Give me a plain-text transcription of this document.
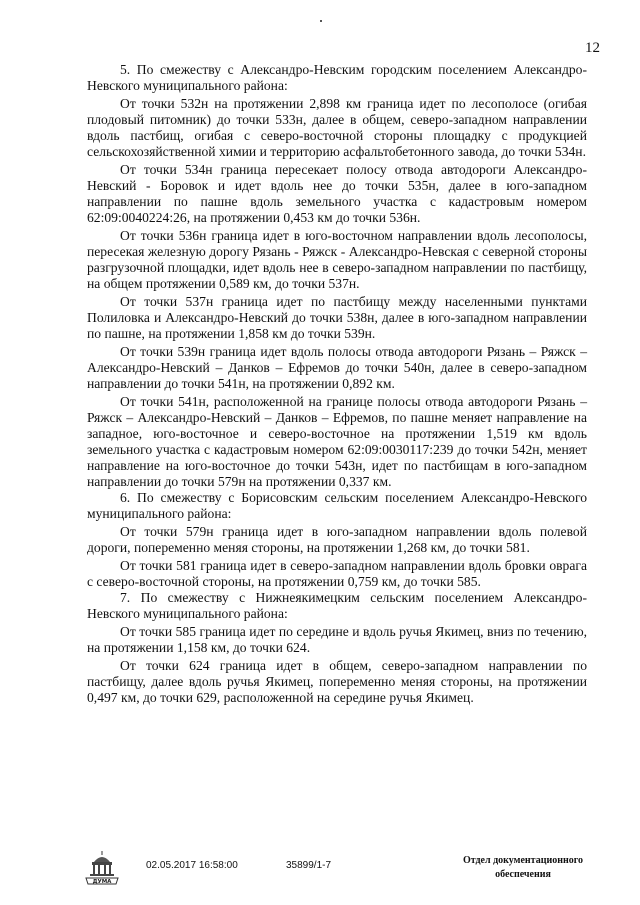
12

5. По смежеству с Александро-Невским городским поселением Александро-Невского муниципального района:

От точки 532н на протяжении 2,898 км граница идет по лесополосе (огибая плодовый питомник) до точки 533н, далее в общем, северо-западном направлении вдоль пастбищ, огибая с северо-восточной стороны площадку с продукцией сельскохозяйственной химии и территорию асфальтобетонного завода, до точки 534н.

От точки 534н граница пересекает полосу отвода автодороги Александро-Невский - Боровок и идет вдоль нее до точки 535н, далее в юго-западном направлении по пашне вдоль земельного участка с кадастровым номером 62:09:0040224:26, на протяжении 0,453 км до точки 536н.

От точки 536н граница идет в юго-восточном направлении вдоль лесополосы, пересекая железную дорогу Рязань - Ряжск - Александро-Невская с северной стороны разгрузочной площадки, идет вдоль нее в северо-западном направлении по пастбищу, на общем протяжении 0,589 км, до точки 537н.

От точки 537н граница идет по пастбищу между населенными пунктами Полиловка и Александро-Невский до точки 538н, далее в юго-западном направлении по пашне, на протяжении 1,858 км до точки 539н.

От точки 539н граница идет вдоль полосы отвода автодороги Рязань – Ряжск – Александро-Невский – Данков – Ефремов до точки 540н, далее в северо-западном направлении до точки 541н, на протяжении 0,892 км.

От точки 541н, расположенной на границе полосы отвода автодороги Рязань – Ряжск – Александро-Невский – Данков – Ефремов, по пашне меняет направление на западное, юго-восточное и северо-восточное на протяжении 1,519 км вдоль земельного участка с кадастровым номером 62:09:0030117:239 до точки 542н, меняет направление на юго-восточное до точки 543н, идет по пастбищам в юго-западном направлении до точки 579н на протяжении 0,337 км.

6. По смежеству с Борисовским сельским поселением Александро-Невского муниципального района:

От точки 579н граница идет в юго-западном направлении вдоль полевой дороги, попеременно меняя стороны, на протяжении 1,268 км, до точки 581.

От точки 581 граница идет в северо-западном направлении вдоль бровки оврага с северо-восточной стороны, на протяжении 0,759 км, до точки 585.

7. По смежеству с Нижнеякимецким сельским поселением Александро-Невского муниципального района:

От точки 585 граница идет по середине и вдоль ручья Якимец, вниз по течению, на протяжении 1,158 км, до точки 624.

От точки 624 граница идет в общем, северо-западном направлении по пастбищу, далее вдоль ручья Якимец, попеременно меняя стороны, на протяжении 0,497 км, до точки 629, расположенной на середине ручья Якимец.

ДУМА
02.05.2017 16:58:00	35899/1-7	Отдел документационного
обеспечения
